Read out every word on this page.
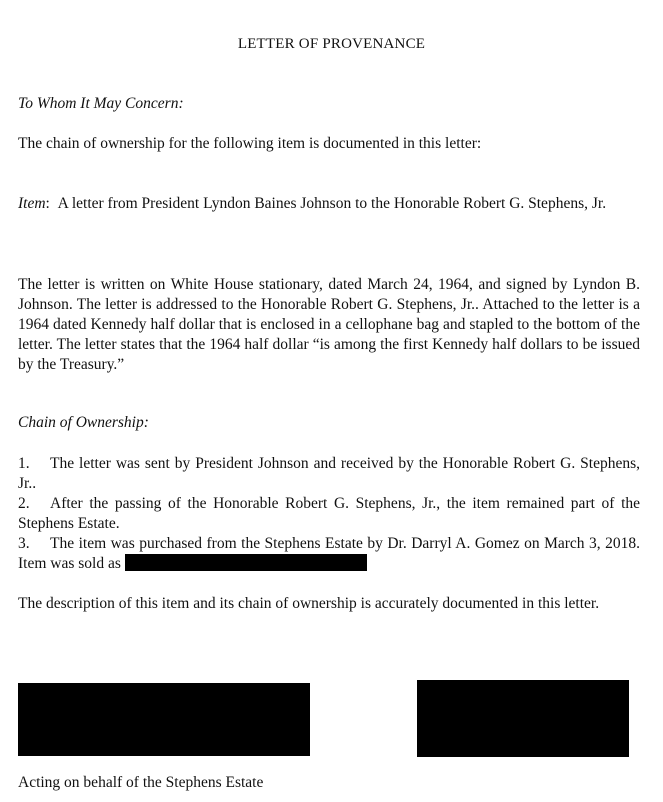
LETTER OF PROVENANCE
To Whom It May Concern:
The chain of ownership for the following item is documented in this letter:
Item:  A letter from President Lyndon Baines Johnson to the Honorable Robert G. Stephens, Jr.
The letter is written on White House stationary, dated March 24, 1964, and signed by Lyndon B. Johnson. The letter is addressed to the Honorable Robert G. Stephens, Jr.. Attached to the letter is a 1964 dated Kennedy half dollar that is enclosed in a cellophane bag and stapled to the bottom of the letter. The letter states that the 1964 half dollar “is among the first Kennedy half dollars to be issued by the Treasury.”
Chain of Ownership:
1. The letter was sent by President Johnson and received by the Honorable Robert G. Stephens, Jr..
2. After the passing of the Honorable Robert G. Stephens, Jr., the item remained part of the Stephens Estate.
3. The item was purchased from the Stephens Estate by Dr. Darryl A. Gomez on March 3, 2018. Item was sold as
The description of this item and its chain of ownership is accurately documented in this letter.
Acting on behalf of the Stephens Estate
